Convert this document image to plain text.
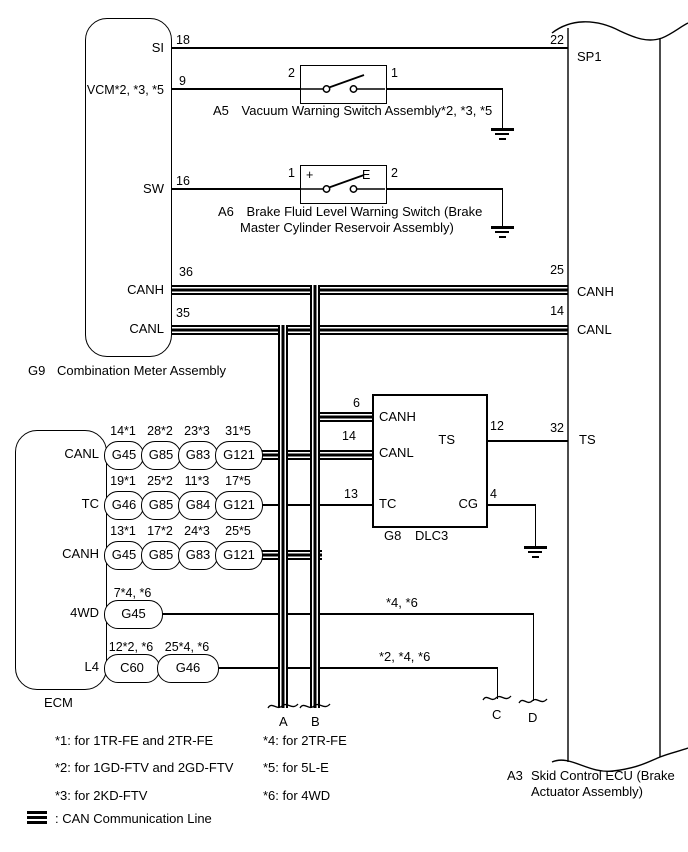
SI
VCM*2, *3, *5
SW
CANH
CANL
18
9
16
36
35
G9 Combination Meter Assembly
2	1
A5 Vacuum Warning Switch Assembly*2, *3, *5
+	E
1	2
A6 Brake Fluid Level Warning Switch (Brake
Master Cylinder Reservoir Assembly)
CANH
CANL
TC
TS
CG
6
14
13
12
4
G8 DLC3
CANL
TC
CANH
4WD
L4
ECM
14*1 28*2 23*3	31*5
G45 G85 G83 G121
19*1 25*2 11*3	17*5
G46 G85 G84 G121
13*1 17*2 24*3	25*5
G45 G85 G83 G121
7*4, *6
G45
12*2, *6 25*4, *6
C60	G46
*4, *6
*2, *4, *6
A B	C D
22
SP1
25
CANH
14
CANL
32
TS
A3 Skid Control ECU (Brake
Actuator Assembly)
*1: for 1TR-FE and 2TR-FE
*2: for 1GD-FTV and 2GD-FTV
*3: for 2KD-FTV
*4: for 2TR-FE
*5: for 5L-E
*6: for 4WD
: CAN Communication Line
